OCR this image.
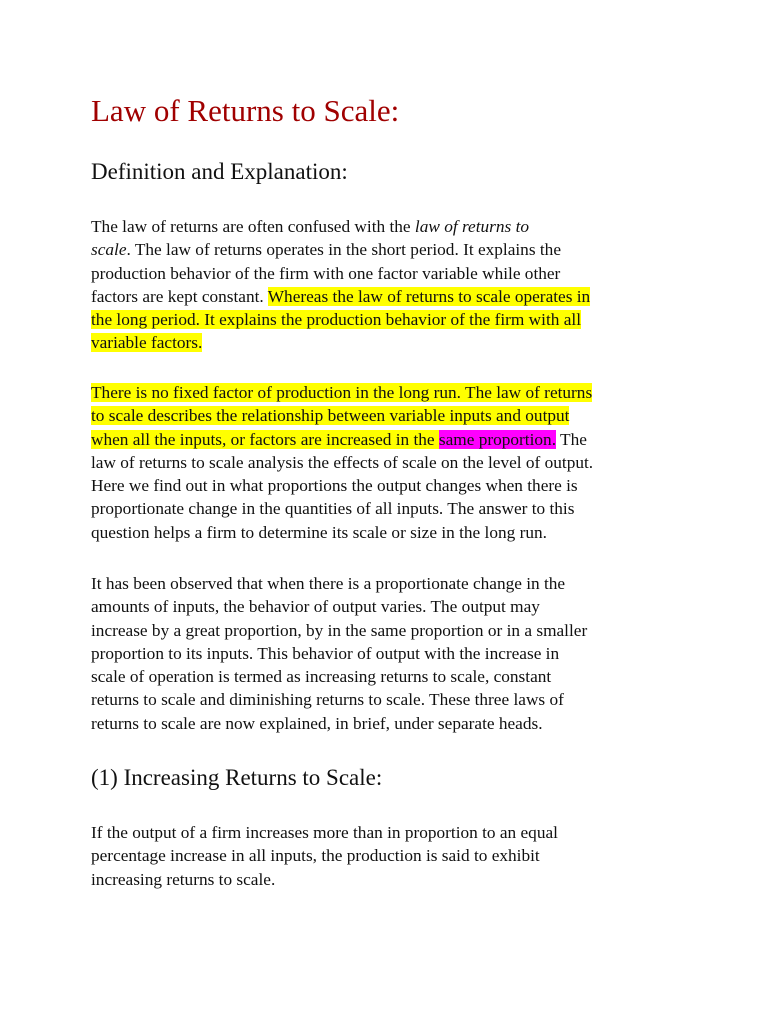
Law of Returns to Scale:
Definition and Explanation:
The law of returns are often confused with the law of returns to
scale. The law of returns operates in the short period. It explains the
production behavior of the firm with one factor variable while other
factors are kept constant. Whereas the law of returns to scale operates in
the long period. It explains the production behavior of the firm with all
variable factors.
There is no fixed factor of production in the long run. The law of returns
to scale describes the relationship between variable inputs and output
when all the inputs, or factors are increased in the same proportion. The
law of returns to scale analysis the effects of scale on the level of output.
Here we find out in what proportions the output changes when there is
proportionate change in the quantities of all inputs. The answer to this
question helps a firm to determine its scale or size in the long run.
It has been observed that when there is a proportionate change in the
amounts of inputs, the behavior of output varies. The output may
increase by a great proportion, by in the same proportion or in a smaller
proportion to its inputs. This behavior of output with the increase in
scale of operation is termed as increasing returns to scale, constant
returns to scale and diminishing returns to scale. These three laws of
returns to scale are now explained, in brief, under separate heads.
(1) Increasing Returns to Scale:
If the output of a firm increases more than in proportion to an equal
percentage increase in all inputs, the production is said to exhibit
increasing returns to scale.
